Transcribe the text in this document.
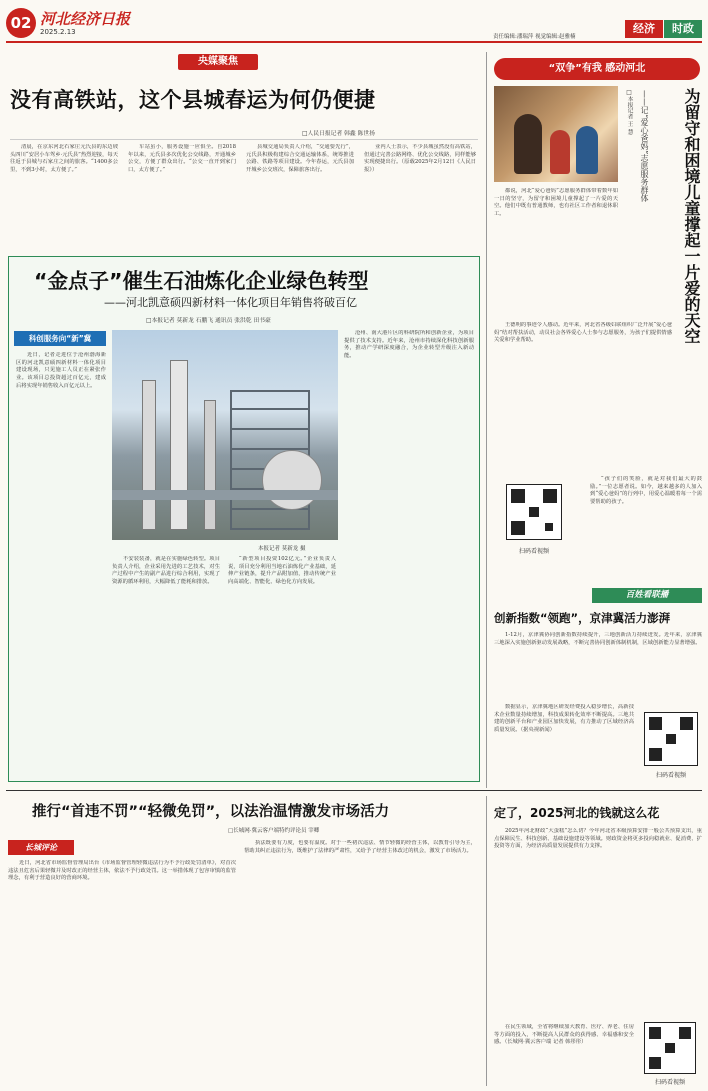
02 河北经济日报
2025.2.13
责任编辑:潘瑞萍 视觉编辑:赵雅楠
经济	时政
央媒聚焦
没有高铁站，这个县城春运为何仍便捷
□人民日报记者 韩鑫 陈世扬

清晨，在京东河北石家庄元氏县的东边坡头四川“安居小车驾乡·元氏县”热烈迎接，每天往返于县城与石家庄之间的旅客。“1400多公里，不到3小时，太方便了。”

车站虽小，服务设施一应俱全。自2018年以来，元氏县多次优化公交线路，开通城乡公交，方便了群众出行。“公交一直开到家门口，太方便了。”

县城交通局负责人介绍，“交通要先行”，元氏县积极构建综合交通运输体系，统筹推进公路、铁路等项目建设。今年春运，元氏县加开城乡公交班次，保障旅客出行。

业内人士表示，不少县城虽然没有高铁站，但通过完善公路网络、优化公交线路，同样能够实现便捷出行。（原载2025年2月12日《人民日报》）

“金点子”催生石油炼化企业绿色转型
——河北凯意硕四新材料一体化项目年销售将破百亿
□本报记者 莫新龙 石鹏飞 通讯员 张洪乾 田书豪
科创服务向“新”冀
本报记者 莫新龙 摄

近日，记者走进位于沧州渤海新区的河北凯意硕四新材料一体化项目建设现场，只见施工人员正在紧张作业。该项目总投资超过百亿元，建成后将实现年销售收入百亿元以上。

不安装装备，就是在实施绿色转型。项目负责人介绍，企业采用先进的工艺技术，对生产过程中产生的副产品进行综合利用，实现了资源的循环利用，大幅降低了能耗和排放。

“新型项目投资102亿元。”企业负责人说，项目充分利用当地石油炼化产业基础，延伸产业链条，提升产品附加值，推动传统产业向高端化、智能化、绿色化方向发展。

沧州、南大港片区的科研院所和创新企业，为项目提供了技术支持。近年来，沧州市持续深化科技创新服务，推动产学研深度融合，为企业转型升级注入新动能。

“双争”有我 感动河北
为留守和困境儿童撑起一片爱的天空
——记“爱心爸妈”志愿服务群体
□本报记者 王 慧

都说，河北“爱心爸妈”志愿服务群体带着数年如一日的坚守，为留守和困境儿童撑起了一片爱的天空。他们中既有普通教师，也有社区工作者和退休职工。

王德明的事迹令人感动。近年来，河北省各级妇联组织广泛开展“爱心爸妈”结对帮扶活动，动员社会各界爱心人士参与志愿服务，为孩子们提供情感关爱和学业帮助。

“孩子们的笑脸，就是对我们最大的鼓励。”一位志愿者说。如今，越来越多的人加入到“爱心爸妈”的行列中，用爱心温暖着每一个需要帮助的孩子。

扫码看视频
百姓看联播
创新指数“领跑”，京津冀活力澎湃

1-12月，京津冀协同创新指数持续提升，三地创新活力持续迸发。近年来，京津冀三地深入实施创新驱动发展战略，不断完善协同创新体制机制，区域创新能力显著增强。

数据显示，京津冀地区研发经费投入稳步增长，高新技术企业数量持续增加，科技成果转化效率不断提高。三地共建的创新平台和产业园区加快发展，有力推动了区域经济高质量发展。（据央视新闻）

扫码看视频
推行“首违不罚”“轻微免罚”，以法治温情激发市场活力
□长城网·冀云客户端特约评论员 宰卿
长城评论

近日，河北省市场监督管理局出台《市场监督管理轻微违法行为不予行政处罚清单》，对首次违法且危害后果轻微并及时改正的经营主体，依法不予行政处罚。这一举措体现了包容审慎的监管理念，有利于营造良好的营商环境。

执法既要有力度，也要有温度。对于一些初次违法、情节轻微的经营主体，以教育引导为主，帮助其纠正违法行为，既维护了法律的严肃性，又给予了经营主体改过的机会，激发了市场活力。

定了，2025河北的钱就这么花

2025年河北财政“大蛋糕”怎么切？今年河北省本级预算安排一般公共预算支出，重点保障民生、科技创新、基础设施建设等领域。财政资金将更多投向稳就业、促消费、扩投资等方面，为经济高质量发展提供有力支撑。

在民生领域，全省将继续加大教育、医疗、养老、住房等方面的投入，不断提高人民群众的获得感、幸福感和安全感。（长城网·冀云客户端 记者 韩彤彤）

扫码看视频
